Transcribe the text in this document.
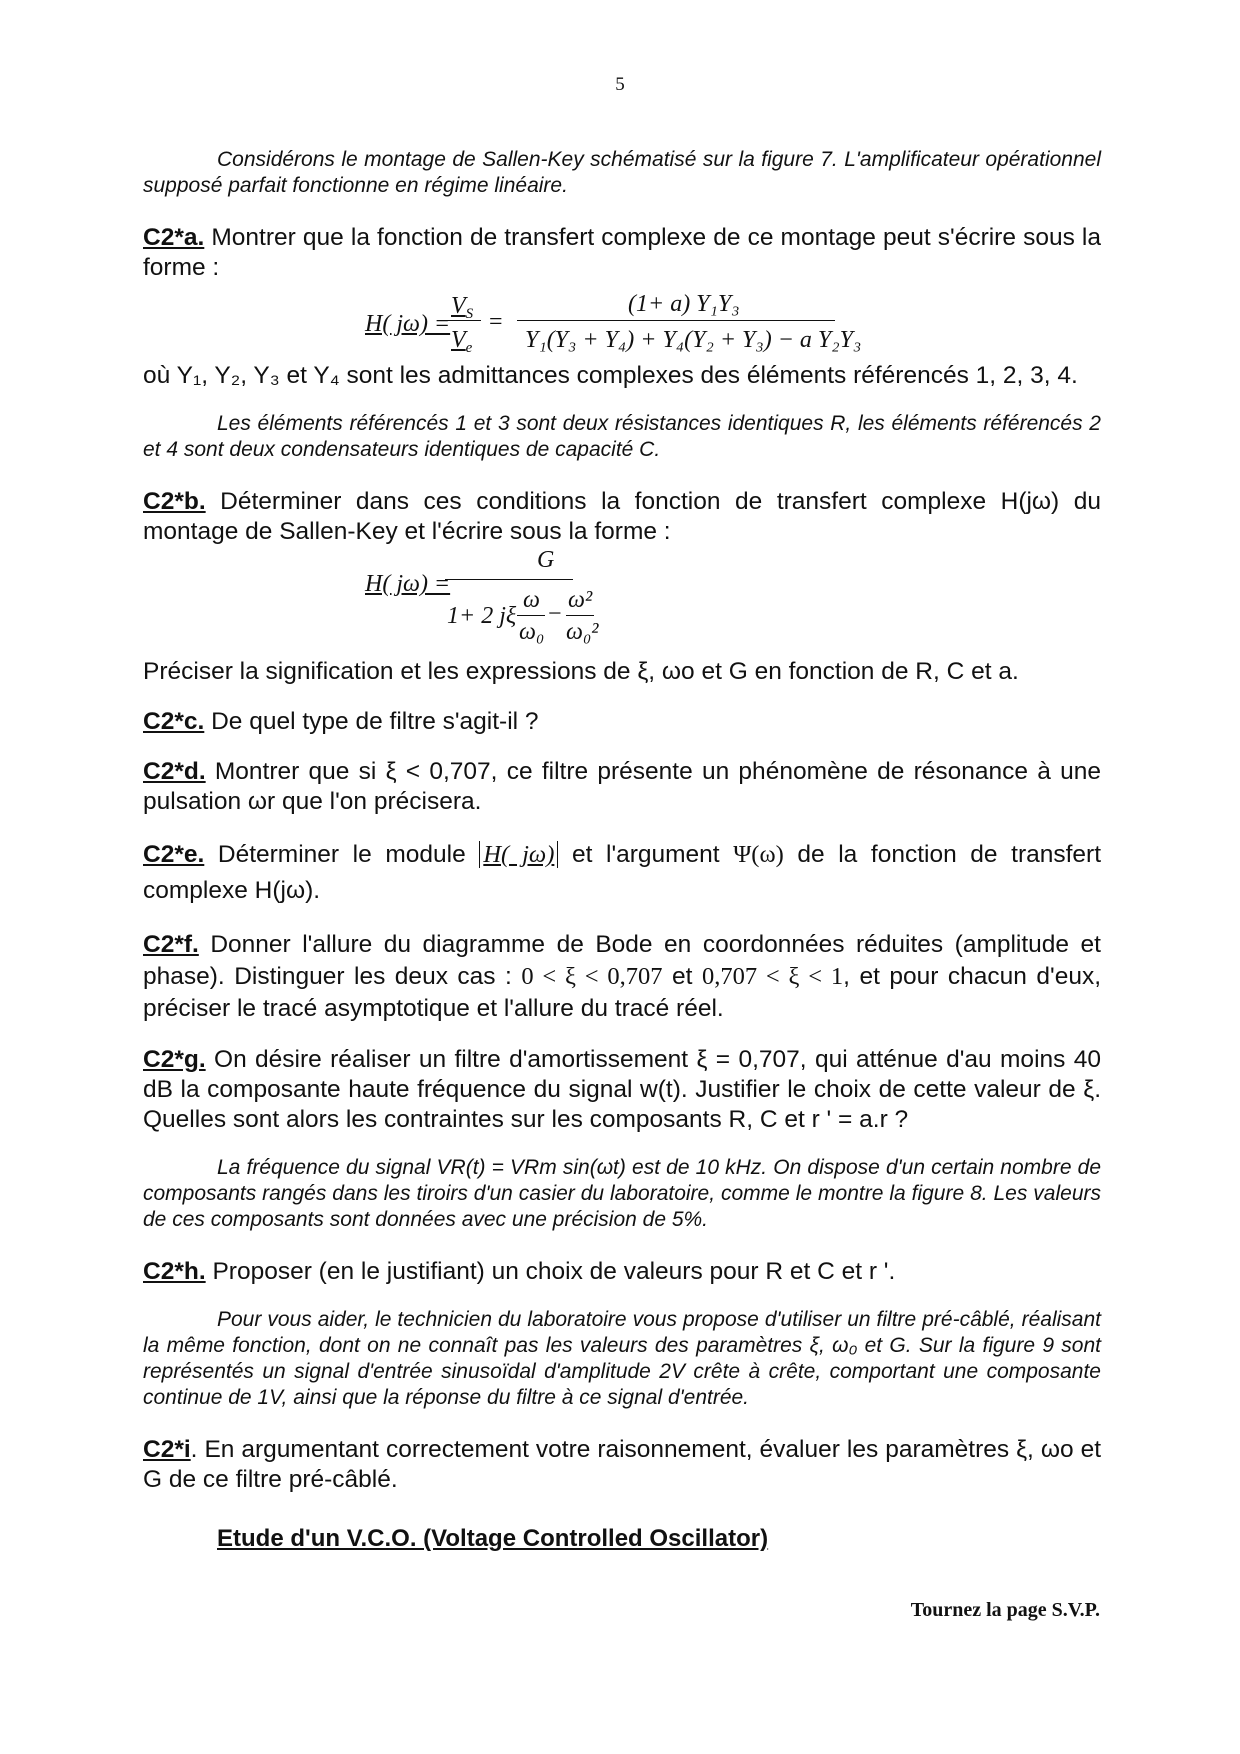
5

Considérons le montage de Sallen-Key schématisé sur la figure 7. L'amplificateur opérationnel supposé parfait fonctionne en régime linéaire.

C2*a. Montrer que la fonction de transfert complexe de ce montage peut s'écrire sous la forme :
H( jω) =
$V_S$
$V_e$
=
(1+ a) Y₁Y₃
Y₁(Y₃ + Y₄) + Y₄(Y₂ + Y₃) − a Y₂Y₃
où Y₁, Y₂, Y₃ et Y₄ sont les admittances complexes des éléments référencés 1, 2, 3, 4.

Les éléments référencés 1 et 3 sont deux résistances identiques R, les éléments référencés 2 et 4 sont deux condensateurs identiques de capacité C.

C2*b. Déterminer dans ces conditions la fonction de transfert complexe H(jω) du montage de Sallen-Key et l'écrire sous la forme :
H( jω) =
G
1+ 2 jξ
ω
ω₀
−
ω²
ω₀²
Préciser la signification et les expressions de ξ, ωo et G en fonction de R, C et a.
C2*c. De quel type de filtre s'agit-il ?
C2*d. Montrer que si ξ < 0,707, ce filtre présente un phénomène de résonance à une pulsation ωr que l'on précisera.
C2*e. Déterminer le module H( jω) et l'argument Ψ(ω) de la fonction de transfert complexe H(jω).
C2*f. Donner l'allure du diagramme de Bode en coordonnées réduites (amplitude et phase). Distinguer les deux cas : 0 < ξ < 0,707 et 0,707 < ξ < 1, et pour chacun d'eux, préciser le tracé asymptotique et l'allure du tracé réel.
C2*g. On désire réaliser un filtre d'amortissement ξ = 0,707, qui atténue d'au moins 40 dB la composante haute fréquence du signal w(t). Justifier le choix de cette valeur de ξ. Quelles sont alors les contraintes sur les composants R, C et r ' = a.r ?

La fréquence du signal VR(t) = VRm sin(ωt) est de 10 kHz. On dispose d'un certain nombre de composants rangés dans les tiroirs d'un casier du laboratoire, comme le montre la figure 8. Les valeurs de ces composants sont données avec une précision de 5%.

C2*h. Proposer (en le justifiant) un choix de valeurs pour R et C et r '.

Pour vous aider, le technicien du laboratoire vous propose d'utiliser un filtre pré-câblé, réalisant la même fonction, dont on ne connaît pas les valeurs des paramètres ξ, ω₀ et G. Sur la figure 9 sont représentés un signal d'entrée sinusoïdal d'amplitude 2V crête à crête, comportant une composante continue de 1V, ainsi que la réponse du filtre à ce signal d'entrée.

C2*i. En argumentant correctement votre raisonnement, évaluer les paramètres ξ, ωo et G de ce filtre pré-câblé.
Etude d'un V.C.O. (Voltage Controlled Oscillator)
Tournez la page S.V.P.
